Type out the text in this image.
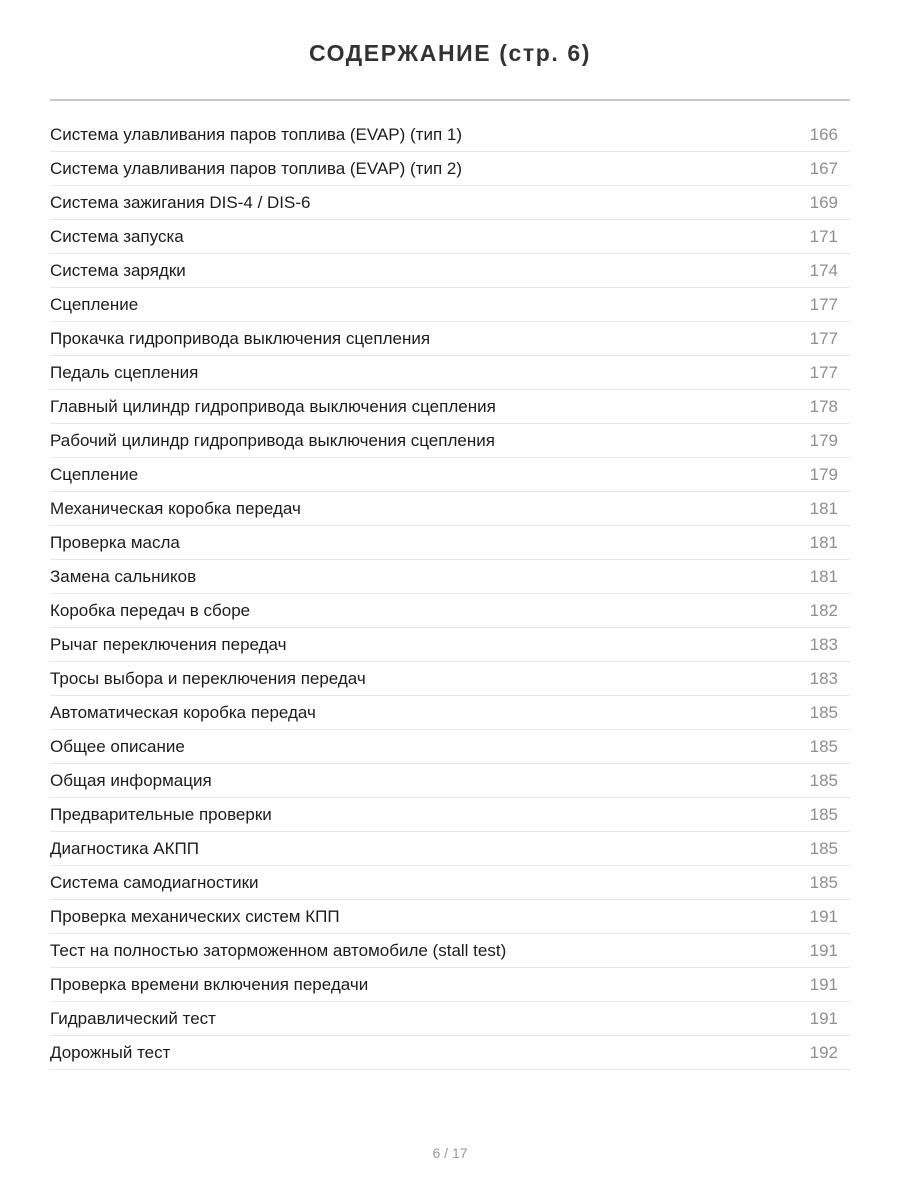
СОДЕРЖАНИЕ (стр. 6)
Система улавливания паров топлива (EVAP) (тип 1)	166
Система улавливания паров топлива (EVAP) (тип 2)	167
Система зажигания DIS-4 / DIS-6	169
Система запуска	171
Система зарядки	174
Сцепление	177
Прокачка гидропривода выключения сцепления	177
Педаль сцепления	177
Главный цилиндр гидропривода выключения сцепления	178
Рабочий цилиндр гидропривода выключения сцепления	179
Сцепление	179
Механическая коробка передач	181
Проверка масла	181
Замена сальников	181
Коробка передач в сборе	182
Рычаг переключения передач	183
Тросы выбора и переключения передач	183
Автоматическая коробка передач	185
Общее описание	185
Общая информация	185
Предварительные проверки	185
Диагностика АКПП	185
Система самодиагностики	185
Проверка механических систем КПП	191
Тест на полностью заторможенном автомобиле (stall test)	191
Проверка времени включения передачи	191
Гидравлический тест	191
Дорожный тест	192
6 / 17
